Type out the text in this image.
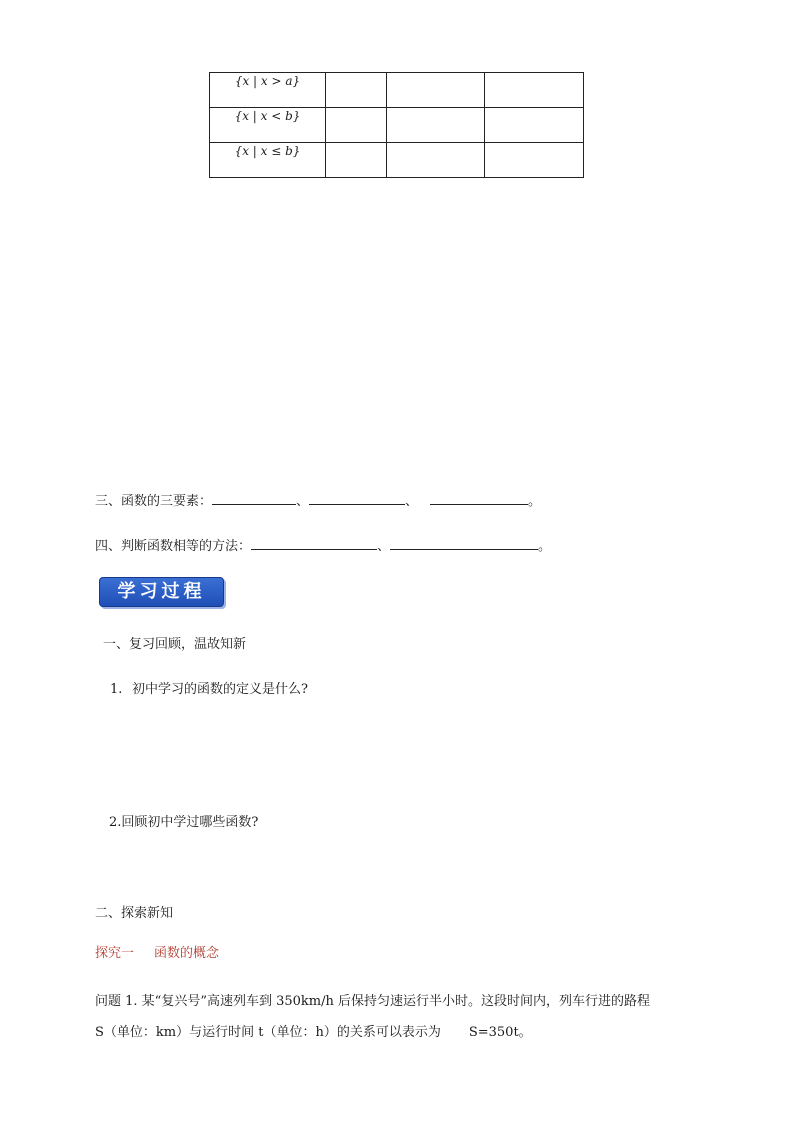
{x | x > a}			
{x | x < b}			
{x | x ≤ b}			
三、函数的三要素：	、	、	。
四、判断函数相等的方法：	、	。
学习过程
一、复习回顾，温故知新
1. 初中学习的函数的定义是什么?
2.回顾初中学过哪些函数?
二、探索新知
探究一 函数的概念
问题 1. 某“复兴号”高速列车到 350km/h 后保持匀速运行半小时。这段时间内，列车行进的路程
S（单位：km）与运行时间 t（单位：h）的关系可以表示为 S=350t。
